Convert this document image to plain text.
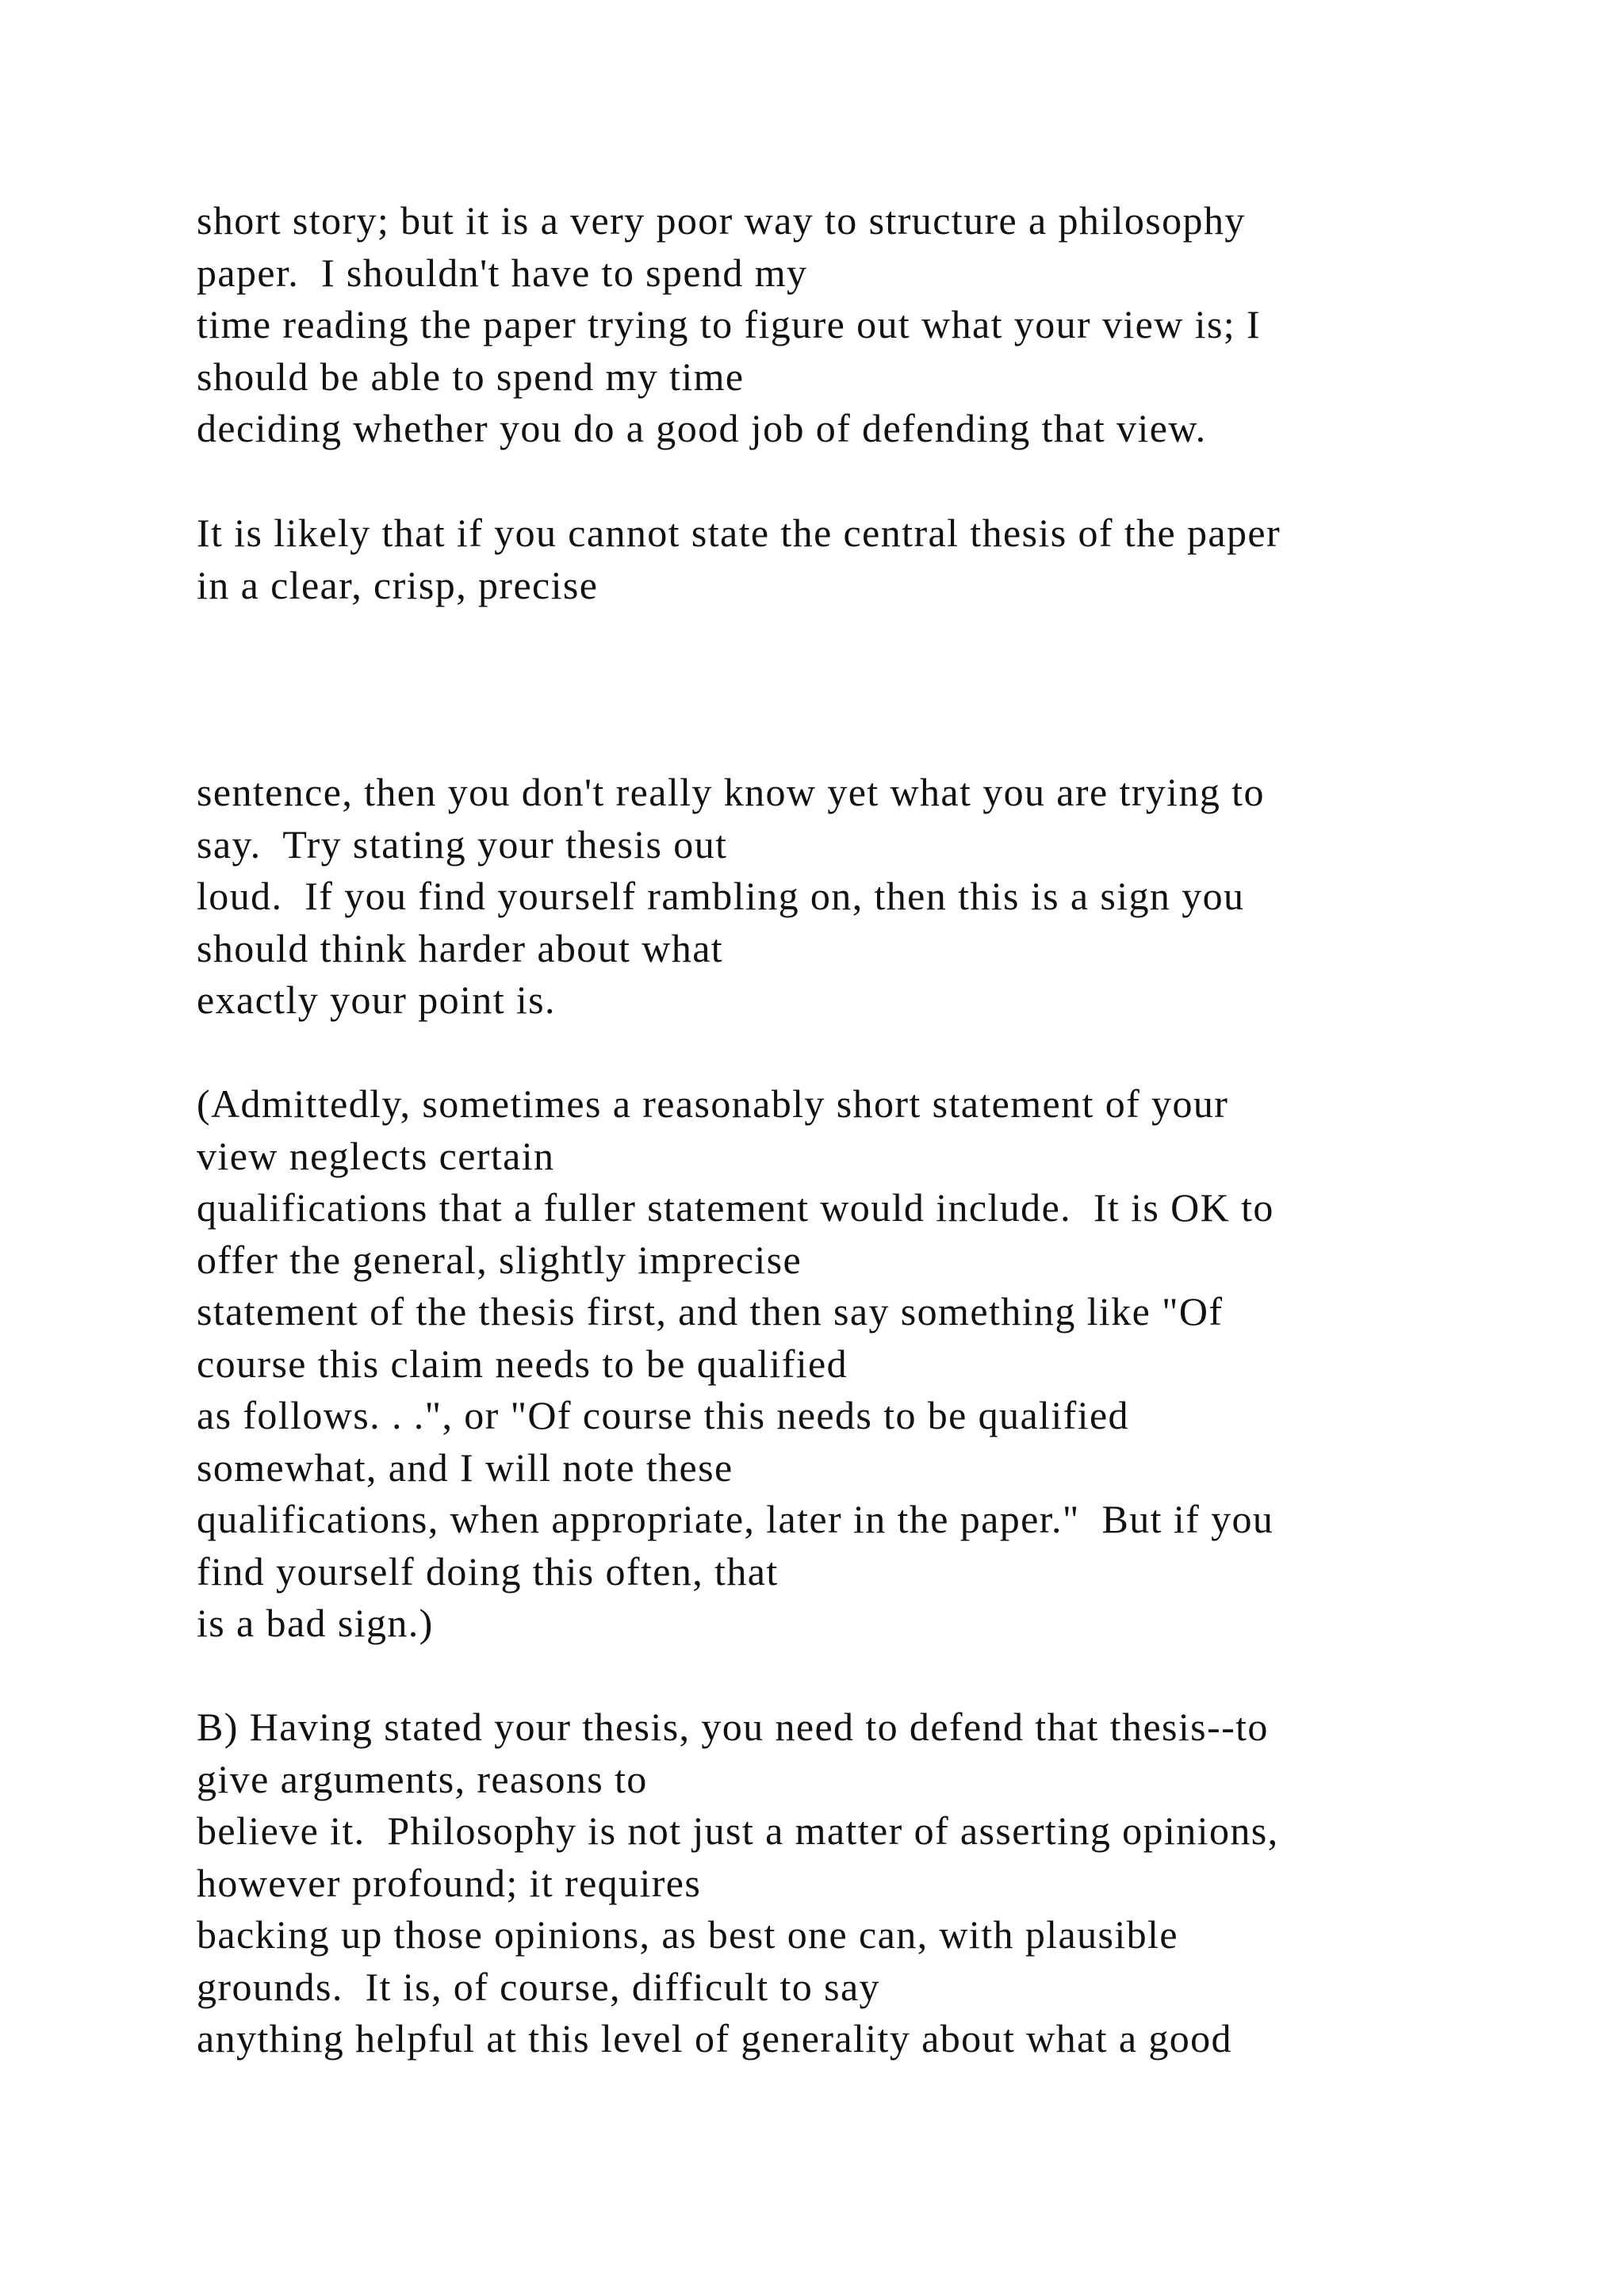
short story; but it is a very poor way to structure a philosophy
paper.  I shouldn't have to spend my
time reading the paper trying to figure out what your view is; I
should be able to spend my time
deciding whether you do a good job of defending that view.
It is likely that if you cannot state the central thesis of the paper
in a clear, crisp, precise
sentence, then you don't really know yet what you are trying to
say.  Try stating your thesis out
loud.  If you find yourself rambling on, then this is a sign you
should think harder about what
exactly your point is.
(Admittedly, sometimes a reasonably short statement of your
view neglects certain
qualifications that a fuller statement would include.  It is OK to
offer the general, slightly imprecise
statement of the thesis first, and then say something like "Of
course this claim needs to be qualified
as follows. . .", or "Of course this needs to be qualified
somewhat, and I will note these
qualifications, when appropriate, later in the paper."  But if you
find yourself doing this often, that
is a bad sign.)
B) Having stated your thesis, you need to defend that thesis--to
give arguments, reasons to
believe it.  Philosophy is not just a matter of asserting opinions,
however profound; it requires
backing up those opinions, as best one can, with plausible
grounds.  It is, of course, difficult to say
anything helpful at this level of generality about what a good
